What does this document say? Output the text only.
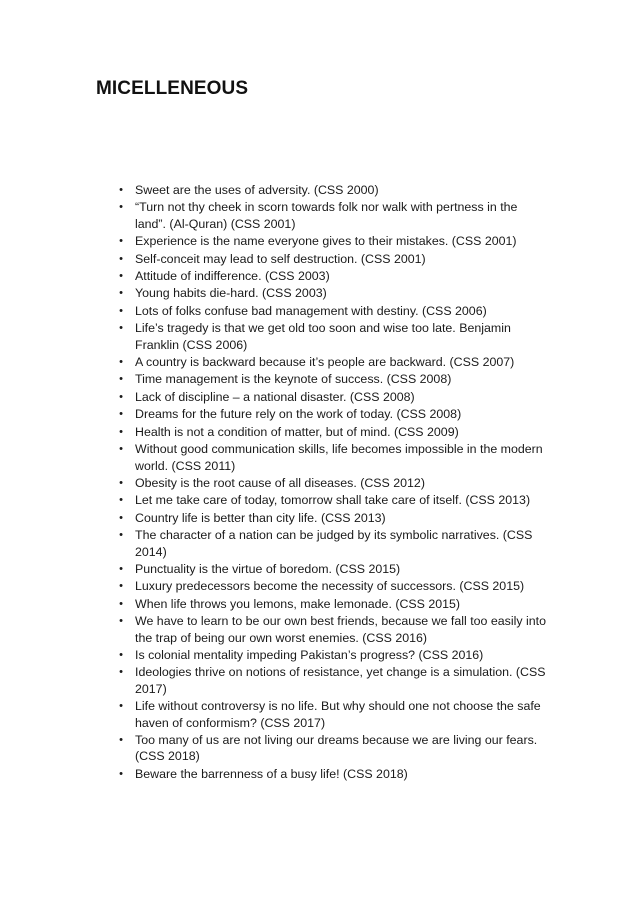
MICELLENEOUS
• Sweet are the uses of adversity. (CSS 2000)
• “Turn not thy cheek in scorn towards folk nor walk with pertness in the land”. (Al-Quran) (CSS 2001)
• Experience is the name everyone gives to their mistakes. (CSS 2001)
• Self-conceit may lead to self destruction. (CSS 2001)
• Attitude of indifference. (CSS 2003)
• Young habits die-hard. (CSS 2003)
• Lots of folks confuse bad management with destiny. (CSS 2006)
• Life’s tragedy is that we get old too soon and wise too late. Benjamin Franklin (CSS 2006)
• A country is backward because it’s people are backward. (CSS 2007)
• Time management is the keynote of success. (CSS 2008)
• Lack of discipline – a national disaster. (CSS 2008)
• Dreams for the future rely on the work of today. (CSS 2008)
• Health is not a condition of matter, but of mind. (CSS 2009)
• Without good communication skills, life becomes impossible in the modern world. (CSS 2011)
• Obesity is the root cause of all diseases. (CSS 2012)
• Let me take care of today, tomorrow shall take care of itself. (CSS 2013)
• Country life is better than city life. (CSS 2013)
• The character of a nation can be judged by its symbolic narratives. (CSS 2014)
• Punctuality is the virtue of boredom. (CSS 2015)
• Luxury predecessors become the necessity of successors. (CSS 2015)
• When life throws you lemons, make lemonade. (CSS 2015)
• We have to learn to be our own best friends, because we fall too easily into the trap of being our own worst enemies. (CSS 2016)
• Is colonial mentality impeding Pakistan’s progress? (CSS 2016)
• Ideologies thrive on notions of resistance, yet change is a simulation. (CSS 2017)
• Life without controversy is no life. But why should one not choose the safe haven of conformism? (CSS 2017)
• Too many of us are not living our dreams because we are living our fears. (CSS 2018)
• Beware the barrenness of a busy life! (CSS 2018)
